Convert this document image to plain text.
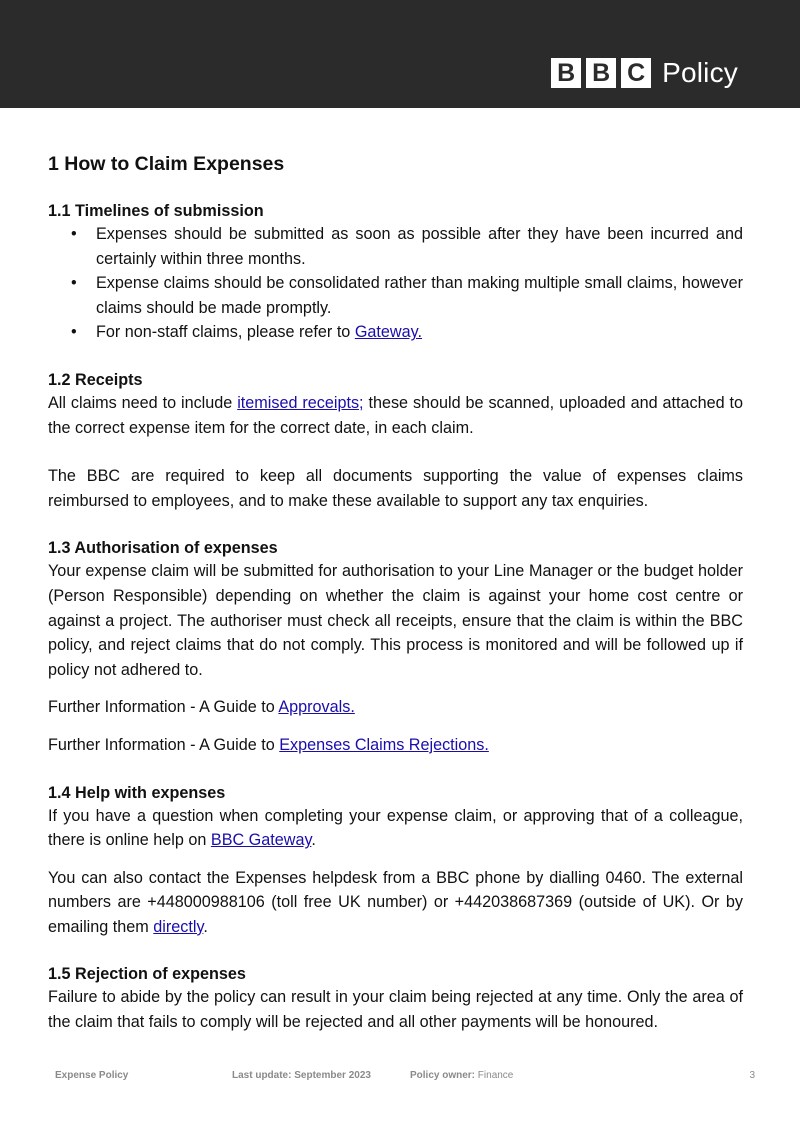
B B C Policy
1 How to Claim Expenses
1.1 Timelines of submission
• Expenses should be submitted as soon as possible after they have been incurred and certainly within three months.
• Expense claims should be consolidated rather than making multiple small claims, however claims should be made promptly.
• For non-staff claims, please refer to Gateway.
1.2 Receipts

All claims need to include itemised receipts; these should be scanned, uploaded and attached to the correct expense item for the correct date, in each claim.

The BBC are required to keep all documents supporting the value of expenses claims reimbursed to employees, and to make these available to support any tax enquiries.

1.3 Authorisation of expenses

Your expense claim will be submitted for authorisation to your Line Manager or the budget holder (Person Responsible) depending on whether the claim is against your home cost centre or against a project. The authoriser must check all receipts, ensure that the claim is within the BBC policy, and reject claims that do not comply. This process is monitored and will be followed up if policy not adhered to.

Further Information - A Guide to Approvals.

Further Information - A Guide to Expenses Claims Rejections.

1.4 Help with expenses

If you have a question when completing your expense claim, or approving that of a colleague, there is online help on BBC Gateway.

You can also contact the Expenses helpdesk from a BBC phone by dialling 0460. The external numbers are +448000988106 (toll free UK number) or +442038687369 (outside of UK). Or by emailing them directly.

1.5 Rejection of expenses

Failure to abide by the policy can result in your claim being rejected at any time. Only the area of the claim that fails to comply will be rejected and all other payments will be honoured.

Expense Policy	Last update: September 2023	Policy owner: Finance	3
